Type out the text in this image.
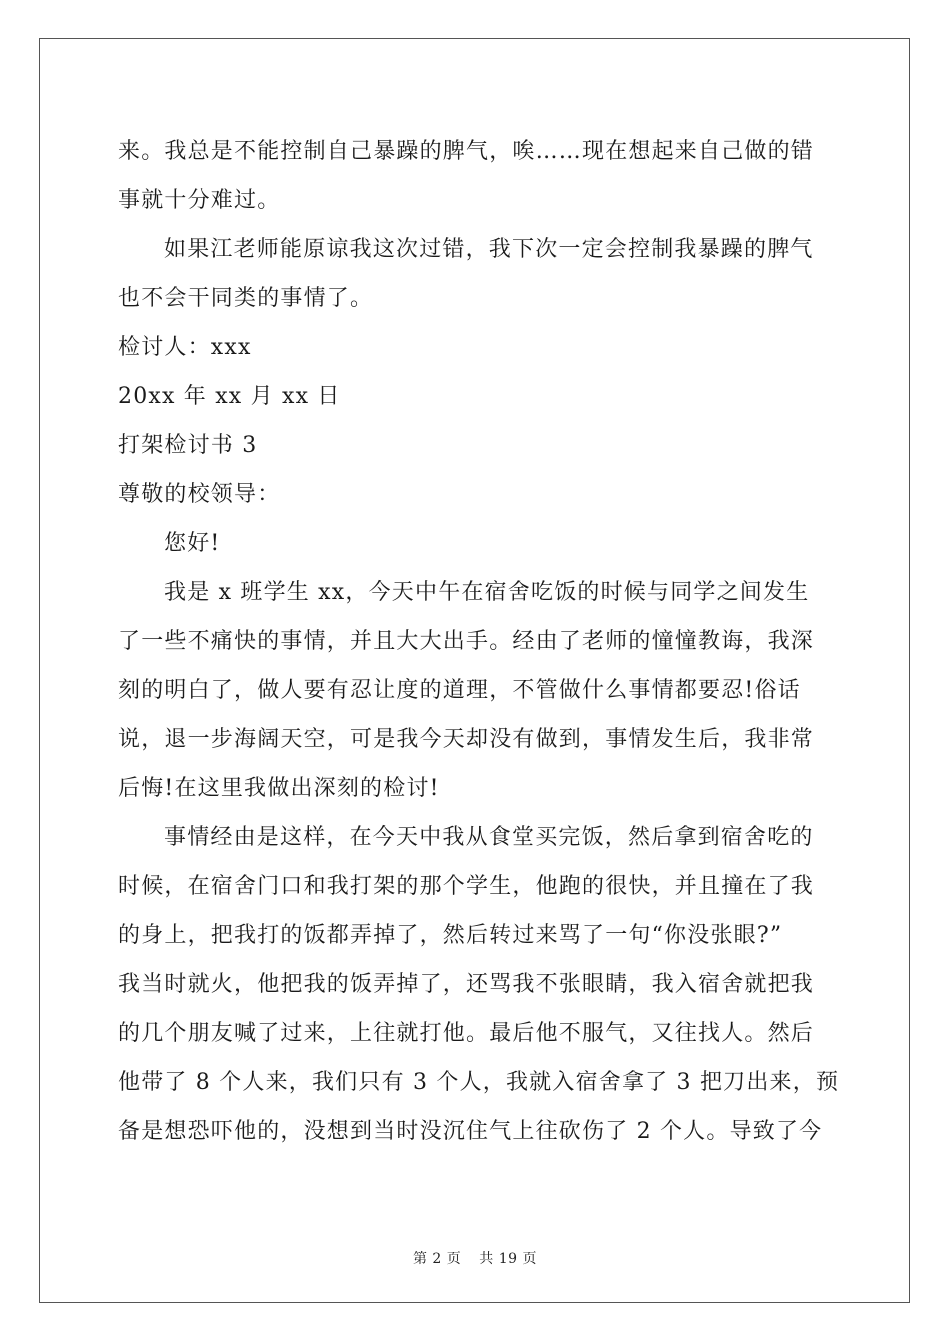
来。我总是不能控制自己暴躁的脾气，唉……现在想起来自己做的错
事就十分难过。
如果江老师能原谅我这次过错，我下次一定会控制我暴躁的脾气
也不会干同类的事情了。
检讨人：xxx
20xx 年 xx 月 xx 日
打架检讨书 3
尊敬的校领导：
您好!
我是 x 班学生 xx，今天中午在宿舍吃饭的时候与同学之间发生
了一些不痛快的事情，并且大大出手。经由了老师的憧憧教诲，我深
刻的明白了，做人要有忍让度的道理，不管做什么事情都要忍!俗话
说，退一步海阔天空，可是我今天却没有做到，事情发生后，我非常
后悔!在这里我做出深刻的检讨!
事情经由是这样，在今天中我从食堂买完饭，然后拿到宿舍吃的
时候，在宿舍门口和我打架的那个学生，他跑的很快，并且撞在了我
的身上，把我打的饭都弄掉了，然后转过来骂了一句“你没张眼?”
我当时就火，他把我的饭弄掉了，还骂我不张眼睛，我入宿舍就把我
的几个朋友喊了过来，上往就打他。最后他不服气，又往找人。然后
他带了 8 个人来，我们只有 3 个人，我就入宿舍拿了 3 把刀出来，预
备是想恐吓他的，没想到当时没沉住气上往砍伤了 2 个人。导致了今
第 2 页 共 19 页
